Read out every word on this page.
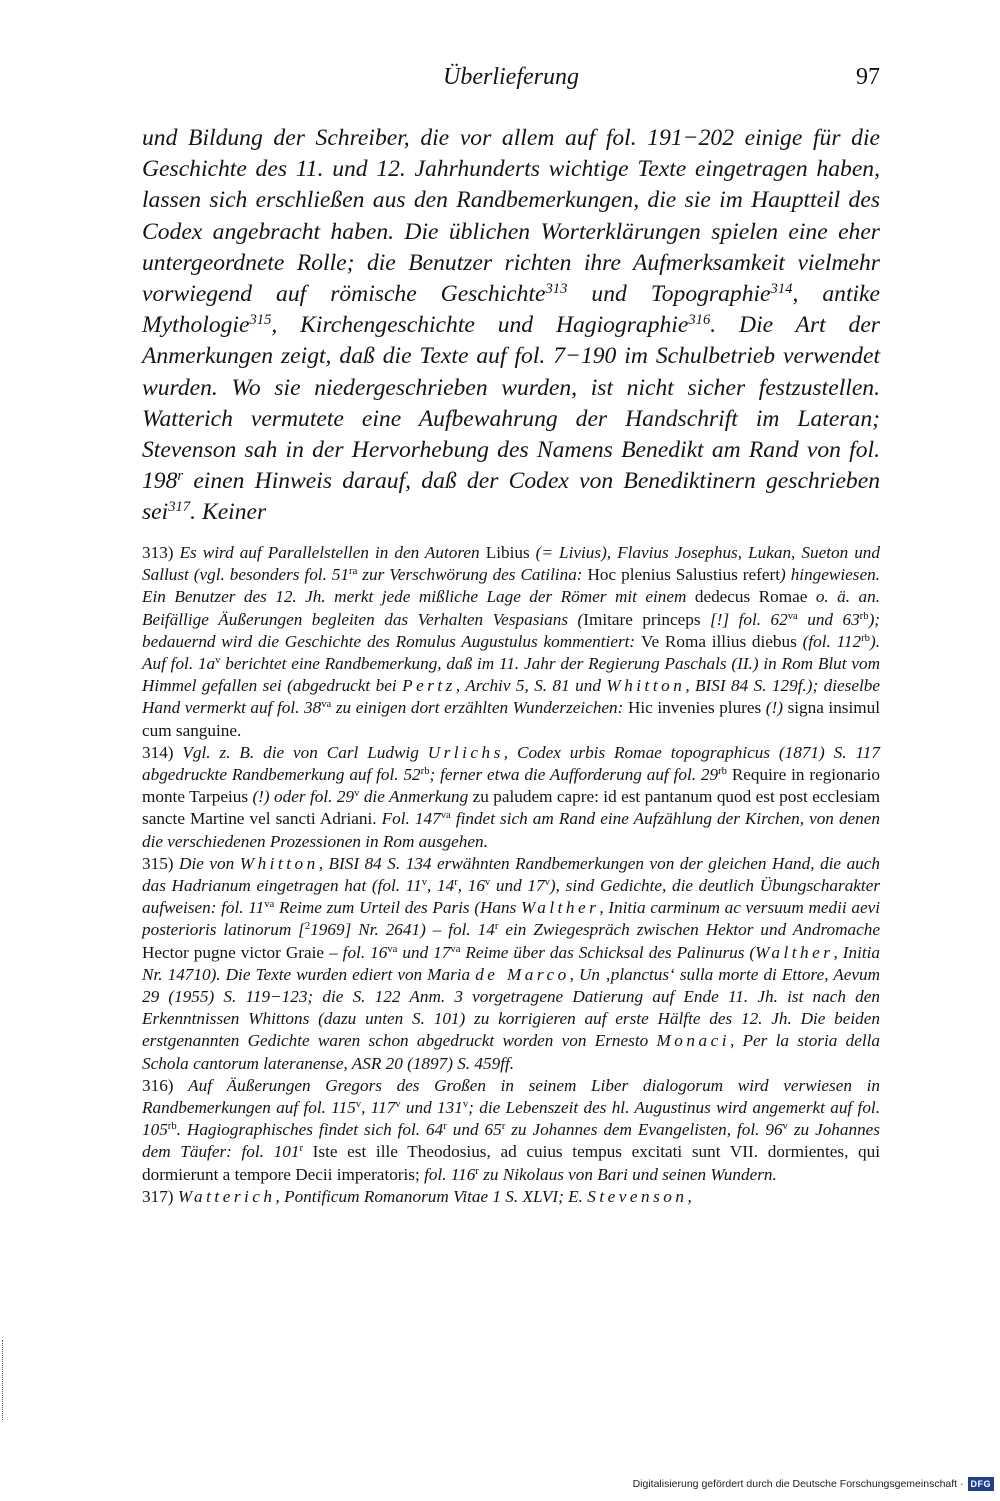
Überlieferung	97

und Bildung der Schreiber, die vor allem auf fol. 191−202 einige für die Geschichte des 11. und 12. Jahrhunderts wichtige Texte eingetragen haben, lassen sich erschließen aus den Randbemerkungen, die sie im Hauptteil des Codex angebracht haben. Die üblichen Worterklärungen spielen eine eher untergeordnete Rolle; die Benutzer richten ihre Aufmerksamkeit vielmehr vorwiegend auf römische Geschichte$^{313}$ und Topographie$^{314}$, antike Mythologie$^{315}$, Kirchengeschichte und Hagiographie$^{316}$. Die Art der Anmerkungen zeigt, daß die Texte auf fol. 7−190 im Schulbetrieb verwendet wurden. Wo sie niedergeschrieben wurden, ist nicht sicher festzustellen. Watterich vermutete eine Aufbewahrung der Handschrift im Lateran; Stevenson sah in der Hervorhebung des Namens Benedikt am Rand von fol. 198$^r$ einen Hinweis darauf, daß der Codex von Benediktinern geschrieben sei$^{317}$. Keiner

313) Es wird auf Parallelstellen in den Autoren Libius (= Livius), Flavius Josephus, Lukan, Sueton und Sallust (vgl. besonders fol. $51^{ra}$ zur Verschwörung des Catilina: Hoc plenius Salustius refert) hingewiesen. Ein Benutzer des 12. Jh. merkt jede mißliche Lage der Römer mit einem dedecus Romae o. ä. an. Beifällige Äußerungen begleiten das Verhalten Vespasians (Imitare princeps [!] fol. $62^{va}$ und $63^{rb}$); bedauernd wird die Geschichte des Romulus Augustulus kommentiert: Ve Roma illius diebus (fol. $112^{rb}$). Auf fol. $1a^v$ berichtet eine Randbemerkung, daß im 11. Jahr der Regierung Paschals (II.) in Rom Blut vom Himmel gefallen sei (abgedruckt bei Pertz, Archiv 5, S. 81 und Whitton, BISI 84 S. 129f.); dieselbe Hand vermerkt auf fol. $38^{va}$ zu einigen dort erzählten Wunderzeichen: Hic invenies plures (!) signa insimul cum sanguine.

314) Vgl. z. B. die von Carl Ludwig Urlichs, Codex urbis Romae topographicus (1871) S. 117 abgedruckte Randbemerkung auf fol. $52^{rb}$; ferner etwa die Aufforderung auf fol. $29^{rb}$ Require in regionario monte Tarpeius (!) oder fol. 29$^v$ die Anmerkung zu paludem capre: id est pantanum quod est post ecclesiam sancte Martine vel sancti Adriani. Fol. $147^{va}$ findet sich am Rand eine Aufzählung der Kirchen, von denen die verschiedenen Prozessionen in Rom ausgehen.

315) Die von Whitton, BISI 84 S. 134 erwähnten Randbemerkungen von der gleichen Hand, die auch das Hadrianum eingetragen hat (fol. 11$^v$, 14$^r$, 16$^v$ und 17$^v$), sind Gedichte, die deutlich Übungscharakter aufweisen: fol. $11^{va}$ Reime zum Urteil des Paris (Hans Walther, Initia carminum ac versuum medii aevi posterioris latinorum [$^2$1969] Nr. 2641) – fol. 14$^r$ ein Zwiegespräch zwischen Hektor und Andromache Hector pugne victor Graie – fol. $16^{va}$ und $17^{va}$ Reime über das Schicksal des Palinurus (Walther, Initia Nr. 14710). Die Texte wurden ediert von Maria de Marco, Un ‚planctus‘ sulla morte di Ettore, Aevum 29 (1955) S. 119−123; die S. 122 Anm. 3 vorgetragene Datierung auf Ende 11. Jh. ist nach den Erkenntnissen Whittons (dazu unten S. 101) zu korrigieren auf erste Hälfte des 12. Jh. Die beiden erstgenannten Gedichte waren schon abgedruckt worden von Ernesto Monaci, Per la storia della Schola cantorum lateranense, ASR 20 (1897) S. 459ff.

316) Auf Äußerungen Gregors des Großen in seinem Liber dialogorum wird verwiesen in Randbemerkungen auf fol. 115$^v$, 117$^v$ und 131$^v$; die Lebenszeit des hl. Augustinus wird angemerkt auf fol. $105^{rb}$. Hagiographisches findet sich fol. 64$^r$ und 65$^r$ zu Johannes dem Evangelisten, fol. 96$^v$ zu Johannes dem Täufer: fol. 101$^r$ Iste est ille Theodosius, ad cuius tempus excitati sunt VII. dormientes, qui dormierunt a tempore Decii imperatoris; fol. 116$^r$ zu Nikolaus von Bari und seinen Wundern.

317) Watterich, Pontificum Romanorum Vitae 1 S. XLVI; E. Stevenson,

Digitalisierung gefördert durch die Deutsche Forschungsgemeinschaft · DFG
